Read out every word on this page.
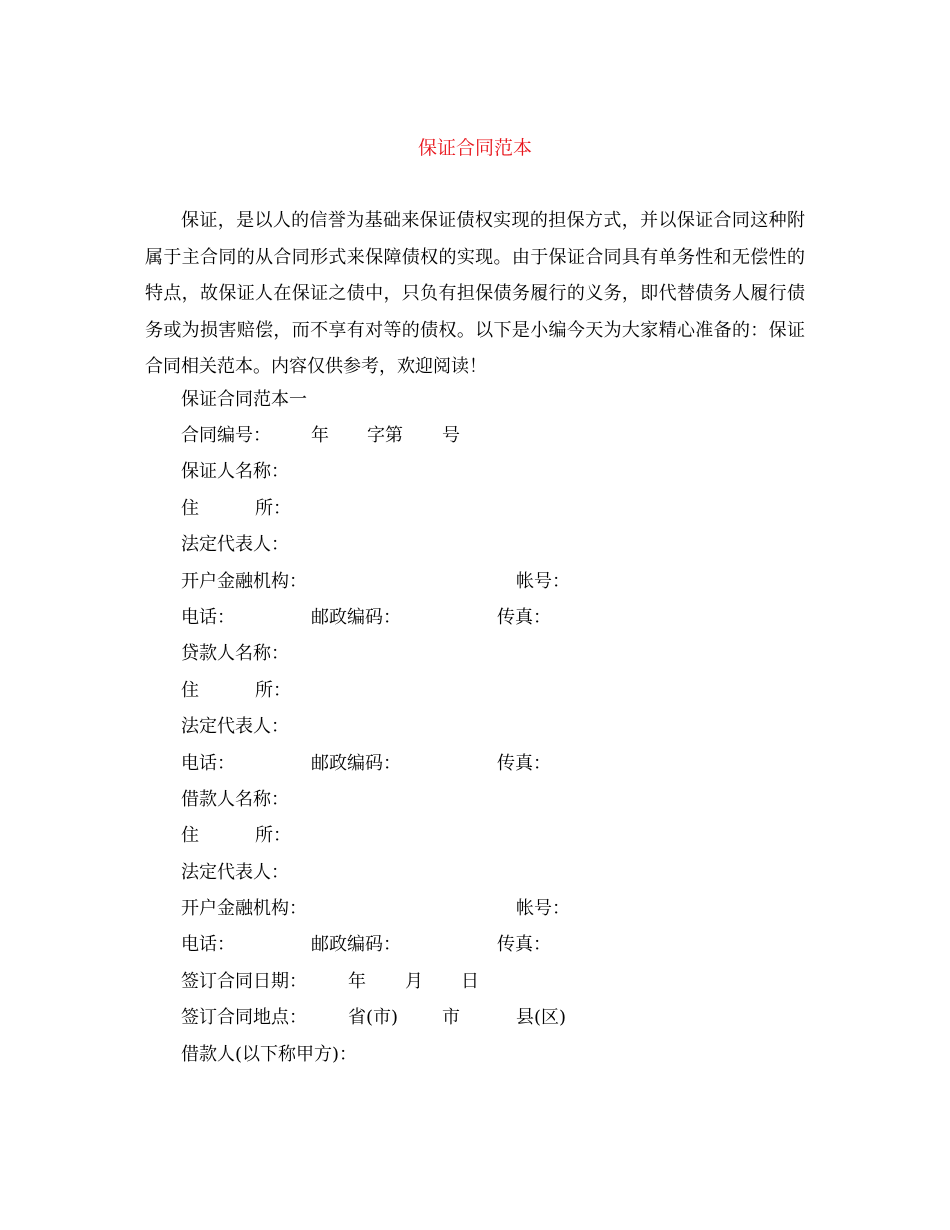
保证合同范本

保证，是以人的信誉为基础来保证债权实现的担保方式，并以保证合同这种附属于主合同的从合同形式来保障债权的实现。由于保证合同具有单务性和无偿性的特点，故保证人在保证之债中，只负有担保债务履行的义务，即代替债务人履行债务或为损害赔偿，而不享有对等的债权。以下是小编今天为大家精心准备的：保证合同相关范本。内容仅供参考，欢迎阅读！

保证合同范本一
合同编号： 年 字第 号
保证人名称：
住	所：
法定代表人：
开户金融机构：	帐号：
电话：	邮政编码：	传真：
贷款人名称：
住	所：
法定代表人：
电话：	邮政编码：	传真：
借款人名称：
住	所：
法定代表人：
开户金融机构：	帐号：
电话：	邮政编码：	传真：
签订合同日期： 年 月 日
签订合同地点： 省(市) 市	县(区)
借款人(以下称甲方)：
